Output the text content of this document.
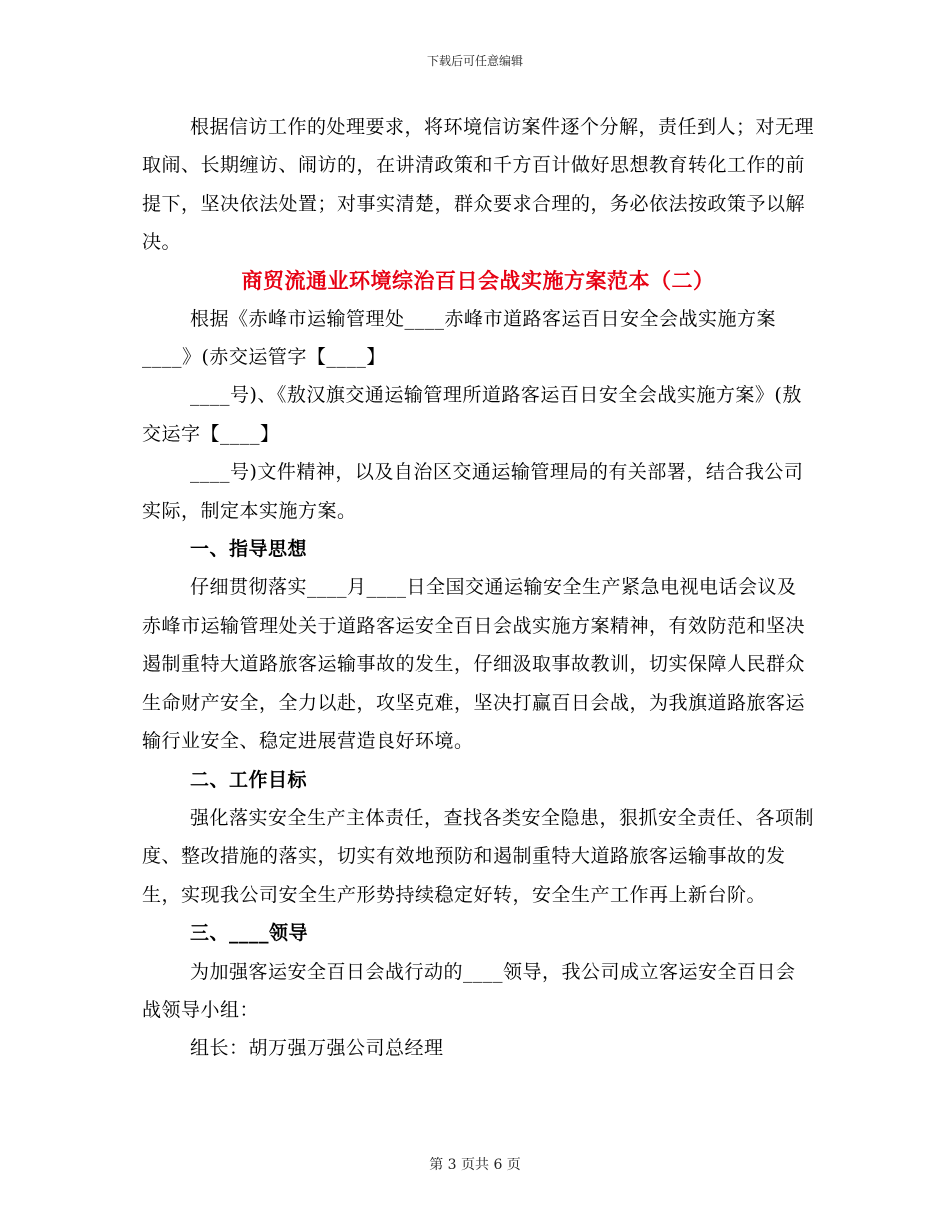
下载后可任意编辑

根据信访工作的处理要求，将环境信访案件逐个分解，责任到人；对无理取闹、长期缠访、闹访的，在讲清政策和千方百计做好思想教育转化工作的前提下，坚决依法处置；对事实清楚，群众要求合理的，务必依法按政策予以解决。

商贸流通业环境综治百日会战实施方案范本（二）

根据《赤峰市运输管理处____赤峰市道路客运百日安全会战实施方案____》(赤交运管字【____】

____号)、《敖汉旗交通运输管理所道路客运百日安全会战实施方案》(敖交运字【____】

____号)文件精神，以及自治区交通运输管理局的有关部署，结合我公司实际，制定本实施方案。

一、指导思想

仔细贯彻落实____月____日全国交通运输安全生产紧急电视电话会议及赤峰市运输管理处关于道路客运安全百日会战实施方案精神，有效防范和坚决遏制重特大道路旅客运输事故的发生，仔细汲取事故教训，切实保障人民群众生命财产安全，全力以赴，攻坚克难，坚决打赢百日会战，为我旗道路旅客运输行业安全、稳定进展营造良好环境。

二、工作目标

强化落实安全生产主体责任，查找各类安全隐患，狠抓安全责任、各项制度、整改措施的落实，切实有效地预防和遏制重特大道路旅客运输事故的发生，实现我公司安全生产形势持续稳定好转，安全生产工作再上新台阶。

三、____领导

为加强客运安全百日会战行动的____领导，我公司成立客运安全百日会战领导小组：

组长：胡万强万强公司总经理

第 3 页共 6 页
